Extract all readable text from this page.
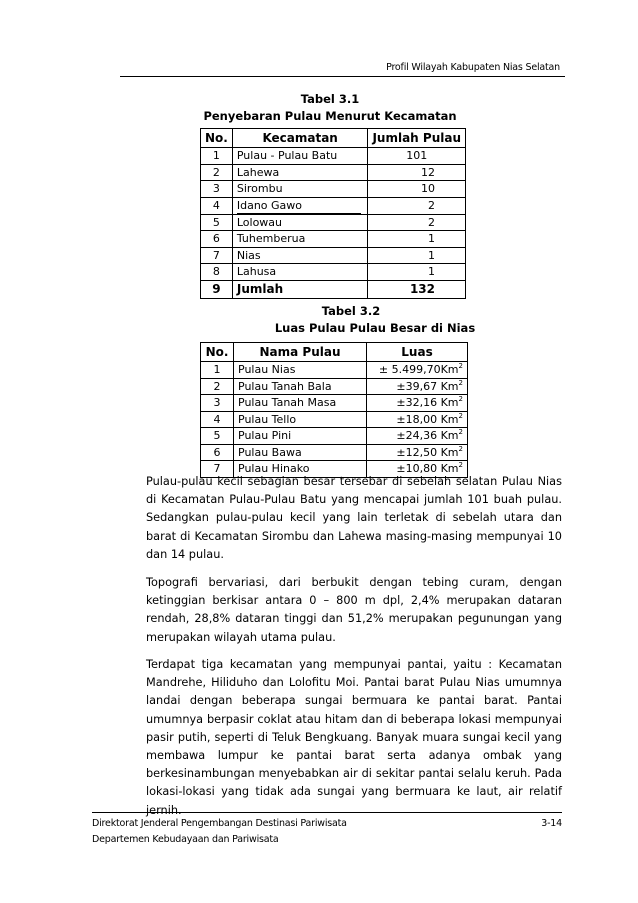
Profil Wilayah Kabupaten Nias Selatan
Tabel 3.1
Penyebaran Pulau Menurut Kecamatan
No.	Kecamatan	Jumlah Pulau
1	Pulau - Pulau Batu	101
2	Lahewa	12
3	Sirombu	10
4	Idano Gawo	2
5	Lolowau	2
6	Tuhemberua	1
7	Nias	1
8	Lahusa	1
9	Jumlah	132
Tabel 3.2
Luas Pulau Pulau Besar di Nias
No.	Nama Pulau	Luas
1	Pulau Nias	± $5.499,70Km^2$
2	Pulau Tanah Bala	±39,67 Km$^2$
3	Pulau Tanah Masa	±32,16 Km$^2$
4	Pulau Tello	±18,00 Km$^2$
5	Pulau Pini	±24,36 Km$^2$
6	Pulau Bawa	±12,50 Km$^2$
7	Pulau Hinako	±10,80 Km$^2$

Pulau-pulau kecil sebagian besar tersebar di sebelah selatan Pulau Nias di Kecamatan Pulau-Pulau Batu yang mencapai jumlah 101 buah pulau. Sedangkan pulau-pulau kecil yang lain terletak di sebelah utara dan barat di Kecamatan Sirombu dan Lahewa masing-masing mempunyai 10 dan 14 pulau.

Topografi bervariasi, dari berbukit dengan tebing curam, dengan ketinggian berkisar antara 0 – 800 m dpl, 2,4% merupakan dataran rendah, 28,8% dataran tinggi dan 51,2% merupakan pegunungan yang merupakan wilayah utama pulau.

Terdapat tiga kecamatan yang mempunyai pantai, yaitu : Kecamatan Mandrehe, Hiliduho dan Lolofitu Moi. Pantai barat Pulau Nias umumnya landai dengan beberapa sungai bermuara ke pantai barat. Pantai umumnya berpasir coklat atau hitam dan di beberapa lokasi mempunyai pasir putih, seperti di Teluk Bengkuang. Banyak muara sungai kecil yang membawa lumpur ke pantai barat serta adanya ombak yang berkesinambungan menyebabkan air di sekitar pantai selalu keruh. Pada lokasi-lokasi yang tidak ada sungai yang bermuara ke laut, air relatif jernih.

Direktorat Jenderal Pengembangan Destinasi Pariwisata
Departemen Kebudayaan dan Pariwisata
3-14
